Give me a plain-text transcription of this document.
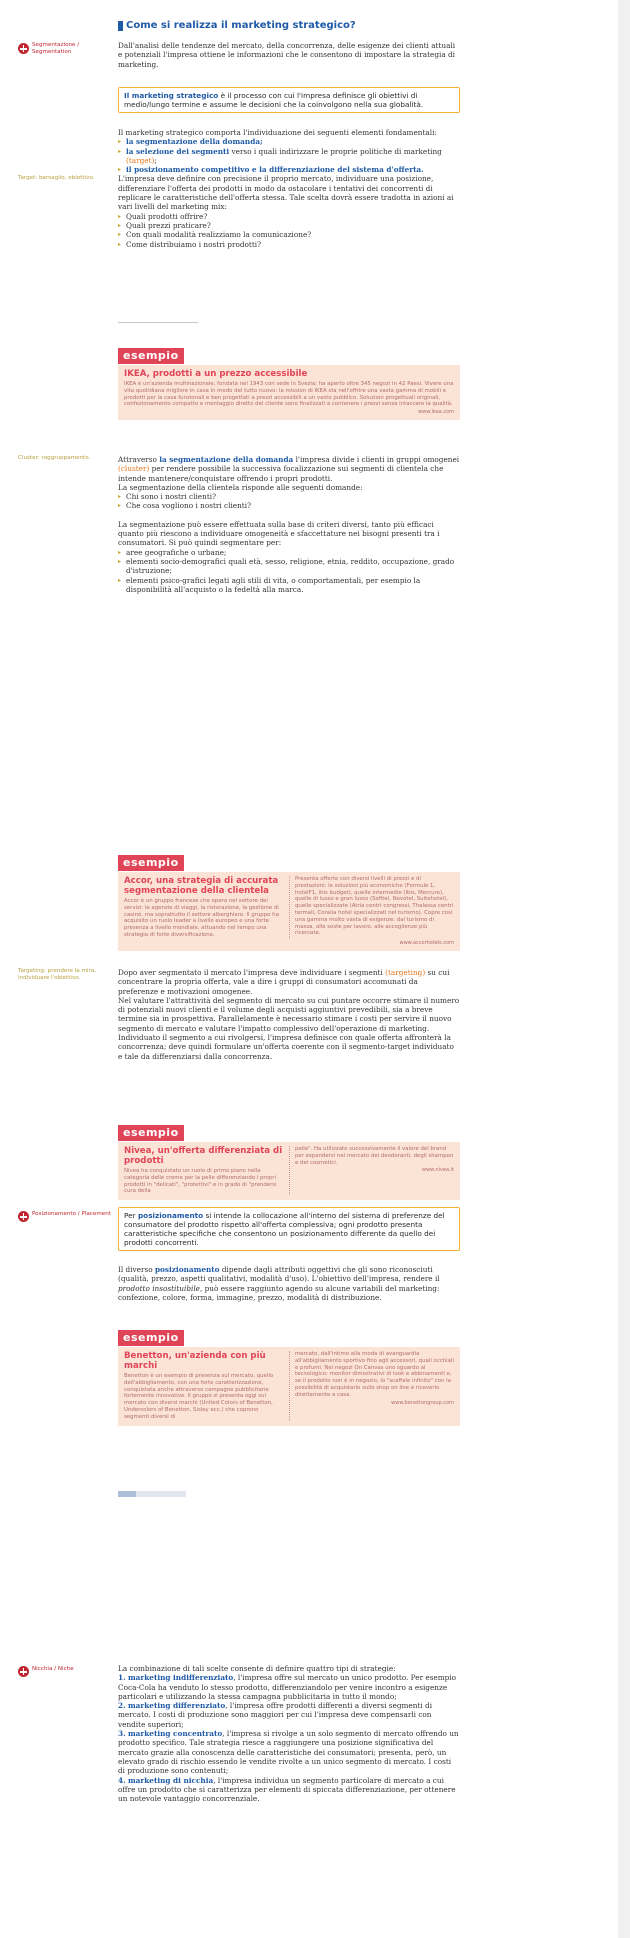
Come si realizza il marketing strategico?
Segmentazione / Segmentation
Dall'analisi delle tendenze del mercato, della concorrenza, delle esigenze dei clienti attuali e potenziali l'impresa ottiene le informazioni che le consentono di impostare la strategia di marketing.
Il marketing strategico è il processo con cui l'impresa definisce gli obiettivi di medio/lungo termine e assume le decisioni che la coinvolgono nella sua globalità.
Il marketing strategico comporta l'individuazione dei seguenti elementi fondamentali:
▸ la segmentazione della domanda;
▸ la selezione dei segmenti verso i quali indirizzare le proprie politiche di marketing (target);
▸ il posizionamento competitivo e la differenziazione del sistema d'offerta.
L'impresa deve definire con precisione il proprio mercato, individuare una posizione, differenziare l'offerta dei prodotti in modo da ostacolare i tentativi dei concorrenti di replicare le caratteristiche dell'offerta stessa. Tale scelta dovrà essere tradotta in azioni ai vari livelli del marketing mix:
▸ Quali prodotti offrire?
▸ Quali prezzi praticare?
▸ Con quali modalità realizziamo la comunicazione?
▸ Come distribuiamo i nostri prodotti?
Target: bersaglio, obiettivo.
esempio
IKEA, prodotti a un prezzo accessibile
IKEA è un'azienda multinazionale, fondata nel 1943 con sede in Svezia; ha aperto oltre 345 negozi in 42 Paesi. Vivere una vita quotidiana migliore in casa in modo del tutto nuovo: la mission di IKEA sta nell'offrire una vasta gamma di mobili e prodotti per la casa funzionali e ben progettati a prezzi accessibili a un vasto pubblico. Soluzioni progettuali originali, confezionamento compatto e montaggio diretto del cliente sono finalizzati a contenere i prezzi senza intaccare la qualità.
www.ikea.com
Cluster: raggruppamento.	Attraverso la segmentazione della domanda l'impresa divide i clienti in gruppi omogenei (cluster) per rendere possibile la successiva focalizzazione sui segmenti di clientela che intende mantenere/conquistare offrendo i propri prodotti.
La segmentazione della clientela risponde alle seguenti domande:
▸ Chi sono i nostri clienti?
▸ Che cosa vogliono i nostri clienti?
La segmentazione può essere effettuata sulla base di criteri diversi, tanto più efficaci quanto più riescono a individuare omogeneità e sfaccettature nei bisogni presenti tra i consumatori. Si può quindi segmentare per:
▸ aree geografiche o urbane;
▸ elementi socio-demografici quali età, sesso, religione, etnia, reddito, occupazione, grado d'istruzione;
▸ elementi psico-grafici legati agli stili di vita, o comportamentali, per esempio la disponibilità all'acquisto o la fedeltà alla marca.
esempio
Accor, una strategia di accurata segmentazione della clientela
Accor è un gruppo francese che opera nel settore dei servizi: le agenzie di viaggi, la ristorazione, la gestione di casinò, ma soprattutto il settore alberghiero. Il gruppo ha acquisito un ruolo leader a livello europeo e una forte presenza a livello mondiale, attuando nel tempo una strategia di forte diversificazione.
Presenta offerte con diversi livelli di prezzi e di prestazioni: le soluzioni più economiche (Formule 1, hotelF1, ibis budget), quelle intermedie (ibis, Mercure), quelle di lusso e gran lusso (Sofitel, Novotel, Suitehotel), quelle specializzate (Atria centri congressi, Thalassa centri termali, Coralia hotel specializzati nel turismo). Copre così una gamma molto vasta di esigenze: dal turismo di massa, alle soste per lavoro, alle accoglienze più ricercate.
www.accorhotels.com
Targeting: prendere la mira, individuare l'obiettivo.
Dopo aver segmentato il mercato l'impresa deve individuare i segmenti (targeting) su cui concentrare la propria offerta, vale a dire i gruppi di consumatori accomunati da preferenze e motivazioni omogenee.
Nel valutare l'attrattività del segmento di mercato su cui puntare occorre stimare il numero di potenziali nuovi clienti e il volume degli acquisti aggiuntivi prevedibili, sia a breve termine sia in prospettiva. Parallelamente è necessario stimare i costi per servire il nuovo segmento di mercato e valutare l'impatto complessivo dell'operazione di marketing.
Individuato il segmento a cui rivolgersi, l'impresa definisce con quale offerta affronterà la concorrenza; deve quindi formulare un'offerta coerente con il segmento-target individuato e tale da differenziarsi dalla concorrenza.
esempio
Nivea, un'offerta differenziata di prodotti
Nivea ha conquistato un ruolo di primo piano nella categoria delle creme per la pelle differenziando i propri prodotti in "delicati", "protettivi" e in grado di "prendersi cura della
pelle". Ha utilizzato successivamente il valore del brand per espandersi nel mercato dei deodoranti, degli shampoo e dei cosmetici.
www.nivea.it
Posizionamento / Placement	Per posizionamento si intende la collocazione all'interno del sistema di preferenze del consumatore del prodotto rispetto all'offerta complessiva; ogni prodotto presenta caratteristiche specifiche che consentono un posizionamento differente da quello dei prodotti concorrenti.
Il diverso posizionamento dipende dagli attributi oggettivi che gli sono riconosciuti (qualità, prezzo, aspetti qualitativi, modalità d'uso). L'obiettivo dell'impresa, rendere il prodotto insostituibile, può essere raggiunto agendo su alcune variabili del marketing: confezione, colore, forma, immagine, prezzo, modalità di distribuzione.
esempio
Benetton, un'azienda con più marchi
Benetton è un esempio di presenza sul mercato, quello dell'abbigliamento, con una forte caratterizzazione, conquistata anche attraverso campagne pubblicitarie fortemente innovative. Il gruppo si presenta oggi sul mercato con diversi marchi (United Colors of Benetton, Undercolors of Benetton, Sisley ecc.) che coprono segmenti diversi di
mercato, dall'intimo alla moda di avanguardia all'abbigliamento sportivo fino agli accessori, quali occhiali e profumi. Nei negozi On Canvas uno sguardo al tecnologico: monitor dimostrativi di look e abbinamenti e, se il prodotto non è in negozio, lo "scaffale infinito" con la possibilità di acquistarlo sullo shop on line e riceverlo direttamente a casa.
www.benettongroup.com
Nicchia / Niche	La combinazione di tali scelte consente di definire quattro tipi di strategie:
1. marketing indifferenziato, l'impresa offre sul mercato un unico prodotto. Per esempio Coca-Cola ha venduto lo stesso prodotto, differenziandolo per venire incontro a esigenze particolari e utilizzando la stessa campagna pubblicitaria in tutto il mondo;
2. marketing differenziato, l'impresa offre prodotti differenti a diversi segmenti di mercato. I costi di produzione sono maggiori per cui l'impresa deve compensarli con vendite superiori;
3. marketing concentrato, l'impresa si rivolge a un solo segmento di mercato offrendo un prodotto specifico. Tale strategia riesce a raggiungere una posizione significativa del mercato grazie alla conoscenza delle caratteristiche dei consumatori; presenta, però, un elevato grado di rischio essendo le vendite rivolte a un unico segmento di mercato. I costi di produzione sono contenuti;
4. marketing di nicchia, l'impresa individua un segmento particolare di mercato a cui offre un prodotto che si caratterizza per elementi di spiccata differenziazione, per ottenere un notevole vantaggio concorrenziale.
